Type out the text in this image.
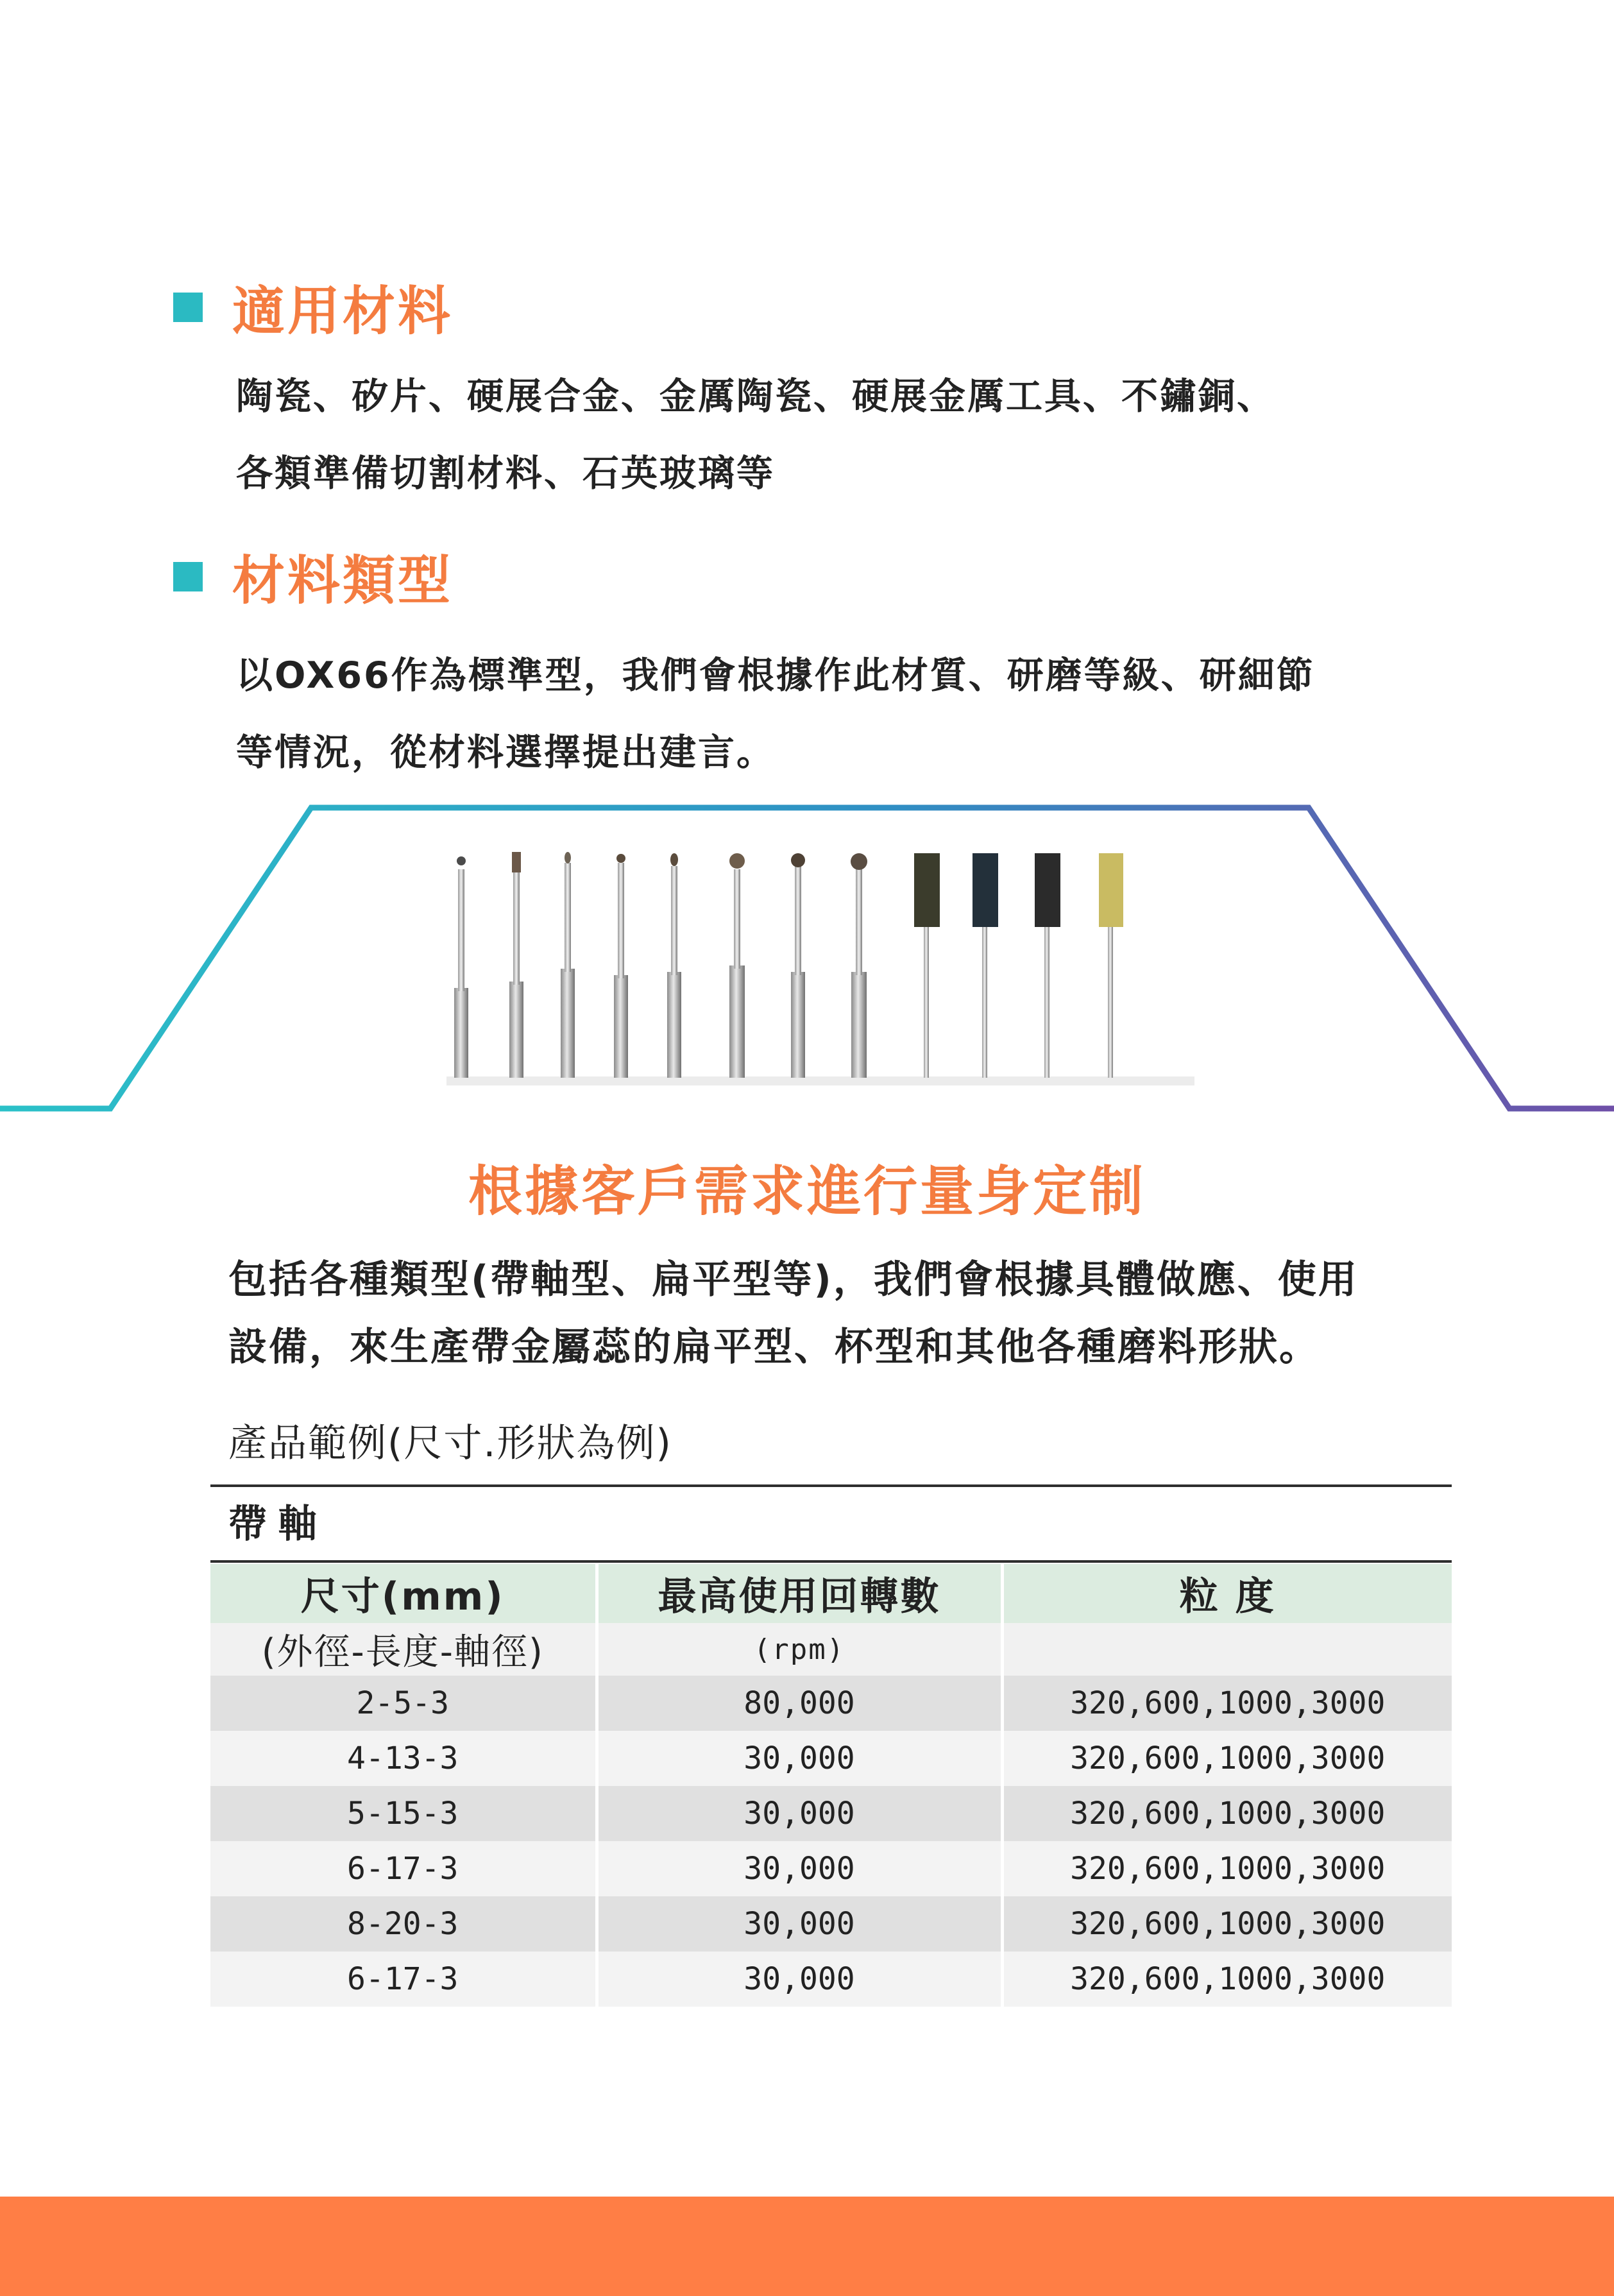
適用材料
陶瓷、矽片、硬展合金、金厲陶瓷、硬展金厲工具、不鏽銅、
各類準備切割材料、石英玻璃等
材料類型
以OX66作為標準型，我們會根據作此材質、研磨等級、研細節
等情況，從材料選擇提出建言。
根據客戶需求進行量身定制
包括各種類型(帶軸型、扁平型等)，我們會根據具體做應、使用
設備，來生產帶金屬蕊的扁平型、杯型和其他各種磨料形狀。
產品範例(尺寸.形狀為例)
帶軸
尺寸(mm)	最高使用回轉數	粒 度
(外徑-長度-軸徑)	(rpm)	
2-5-3	80,000	320,600,1000,3000
4-13-3	30,000	320,600,1000,3000
5-15-3	30,000	320,600,1000,3000
6-17-3	30,000	320,600,1000,3000
8-20-3	30,000	320,600,1000,3000
6-17-3	30,000	320,600,1000,3000
